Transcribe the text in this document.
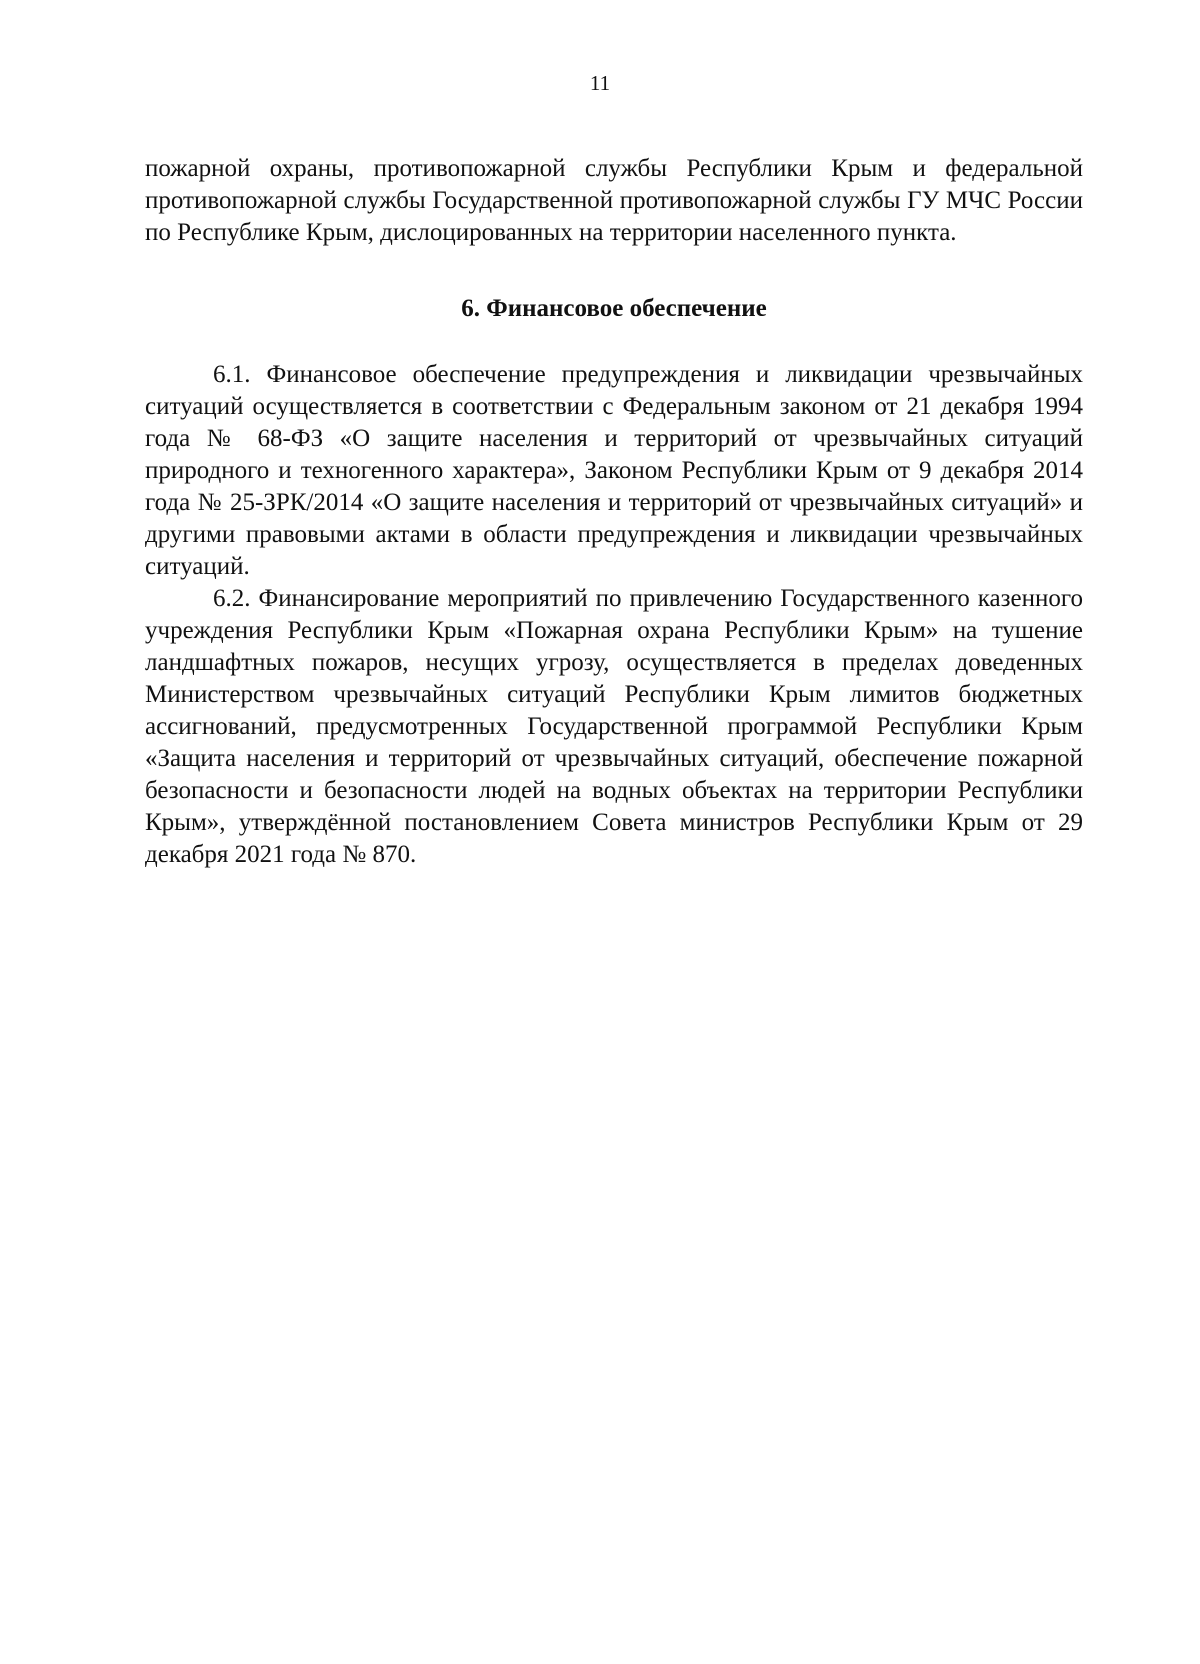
11

пожарной охраны, противопожарной службы Республики Крым и федеральной противопожарной службы Государственной противопожарной службы ГУ МЧС России по Республике Крым, дислоцированных на территории населенного пункта.

6. Финансовое обеспечение

6.1. Финансовое обеспечение предупреждения и ликвидации чрезвычайных ситуаций осуществляется в соответствии с Федеральным законом от 21 декабря 1994 года № 68-ФЗ «О защите населения и территорий от чрезвычайных ситуаций природного и техногенного характера», Законом Республики Крым от 9 декабря 2014 года № 25-ЗРК/2014 «О защите населения и территорий от чрезвычайных ситуаций» и другими правовыми актами в области предупреждения и ликвидации чрезвычайных ситуаций.

6.2. Финансирование мероприятий по привлечению Государственного казенного учреждения Республики Крым «Пожарная охрана Республики Крым» на тушение ландшафтных пожаров, несущих угрозу, осуществляется в пределах доведенных Министерством чрезвычайных ситуаций Республики Крым лимитов бюджетных ассигнований, предусмотренных Государственной программой Республики Крым «Защита населения и территорий от чрезвычайных ситуаций, обеспечение пожарной безопасности и безопасности людей на водных объектах на территории Республики Крым», утверждённой постановлением Совета министров Республики Крым от 29 декабря 2021 года № 870.
